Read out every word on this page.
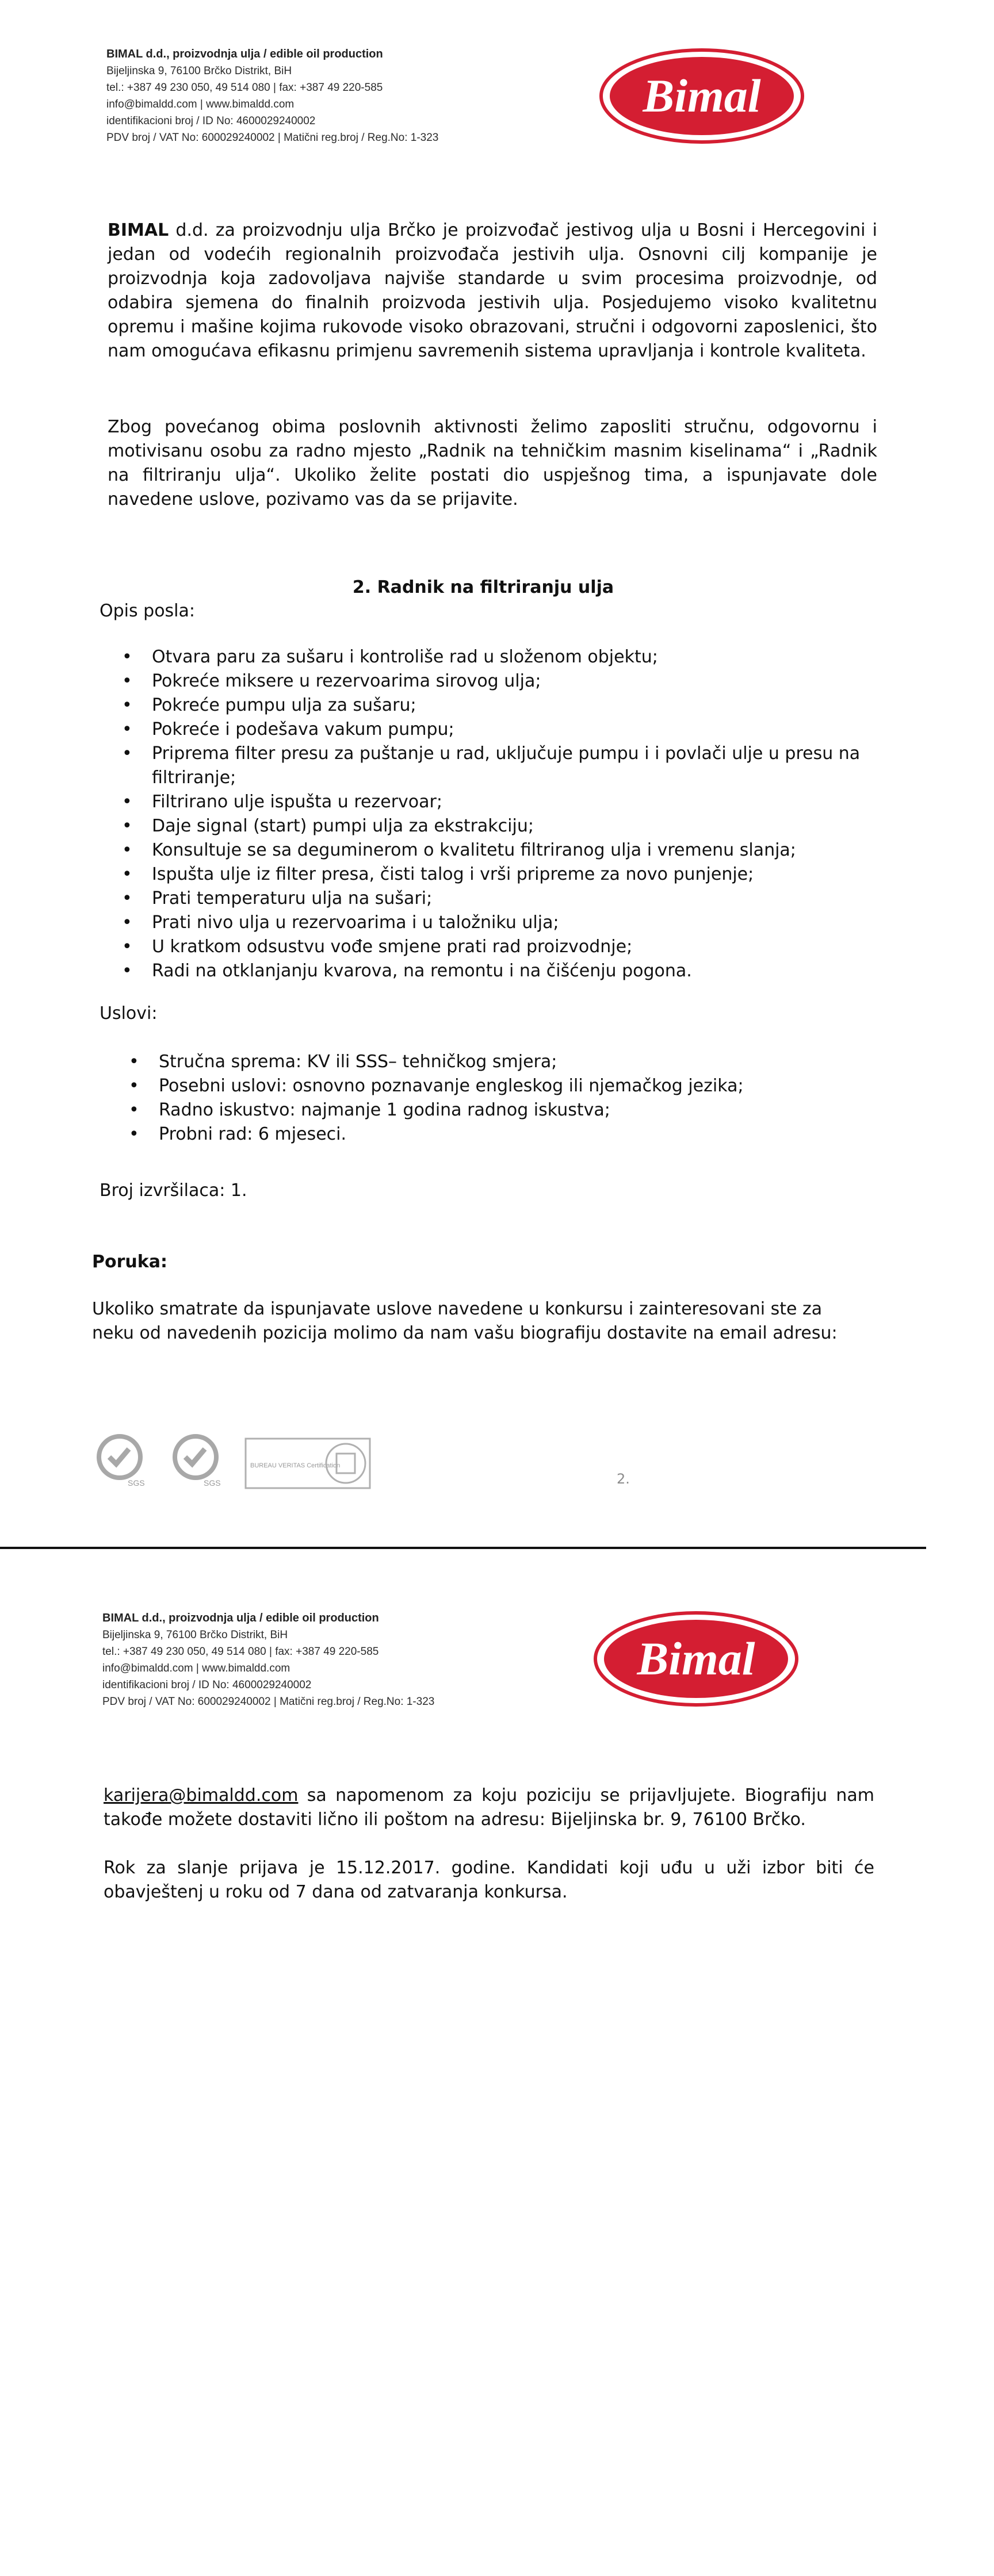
BIMAL d.d., proizvodnja ulja / edible oil production
Bijeljinska 9, 76100 Brčko Distrikt, BiH
tel.: +387 49 230 050, 49 514 080 | fax: +387 49 220-585
info@bimaldd.com | www.bimaldd.com
identifikacioni broj / ID No: 4600029240002
PDV broj / VAT No: 600029240002 | Matični reg.broj / Reg.No: 1-323
Bimal
BIMAL d.d. za proizvodnju ulja Brčko je proizvođač jestivog ulja u Bosni i Hercegovini i jedan od vodećih regionalnih proizvođača jestivih ulja. Osnovni cilj kompanije je proizvodnja koja zadovoljava najviše standarde u svim procesima proizvodnje, od odabira sjemena do finalnih proizvoda jestivih ulja. Posjedujemo visoko kvalitetnu opremu i mašine kojima rukovode visoko obrazovani, stručni i odgovorni zaposlenici, što nam omogućava efikasnu primjenu savremenih sistema upravljanja i kontrole kvaliteta.
Zbog povećanog obima poslovnih aktivnosti želimo zaposliti stručnu, odgovornu i motivisanu osobu za radno mjesto „Radnik na tehničkim masnim kiselinama“ i „Radnik na filtriranju ulja“. Ukoliko želite postati dio uspješnog tima, a ispunjavate dole navedene uslove, pozivamo vas da se prijavite.
2. Radnik na filtriranju ulja
Opis posla:
• Otvara paru za sušaru i kontroliše rad u složenom objektu;
• Pokreće miksere u rezervoarima sirovog ulja;
• Pokreće pumpu ulja za sušaru;
• Pokreće i podešava vakum pumpu;
• Priprema filter presu za puštanje u rad, uključuje pumpu i i povlači ulje u presu na filtriranje;
• Filtrirano ulje ispušta u rezervoar;
• Daje signal (start) pumpi ulja za ekstrakciju;
• Konsultuje se sa deguminerom o kvalitetu filtriranog ulja i vremenu slanja;
• Ispušta ulje iz filter presa, čisti talog i vrši pripreme za novo punjenje;
• Prati temperaturu ulja na sušari;
• Prati nivo ulja u rezervoarima i u taložniku ulja;
• U kratkom odsustvu vođe smjene prati rad proizvodnje;
• Radi na otklanjanju kvarova, na remontu i na čišćenju pogona.
Uslovi:
• Stručna sprema: KV ili SSS– tehničkog smjera;
• Posebni uslovi: osnovno poznavanje engleskog ili njemačkog jezika;
• Radno iskustvo: najmanje 1 godina radnog iskustva;
• Probni rad: 6 mjeseci.
Broj izvršilaca: 1.
Poruka:
Ukoliko smatrate da ispunjavate uslove navedene u konkursu i zainteresovani ste za neku od navedenih pozicija molimo da nam vašu biografiju dostavite na email adresu:
SGS	SGS
BUREAU VERITAS Certification
2.
BIMAL d.d., proizvodnja ulja / edible oil production
Bijeljinska 9, 76100 Brčko Distrikt, BiH
tel.: +387 49 230 050, 49 514 080 | fax: +387 49 220-585
info@bimaldd.com | www.bimaldd.com
identifikacioni broj / ID No: 4600029240002
PDV broj / VAT No: 600029240002 | Matični reg.broj / Reg.No: 1-323
Bimal
karijera@bimaldd.com sa napomenom za koju poziciju se prijavljujete. Biografiju nam takođe možete dostaviti lično ili poštom na adresu: Bijeljinska br. 9, 76100 Brčko.
Rok za slanje prijava je 15.12.2017. godine. Kandidati koji uđu u uži izbor biti će obavještenj u roku od 7 dana od zatvaranja konkursa.
